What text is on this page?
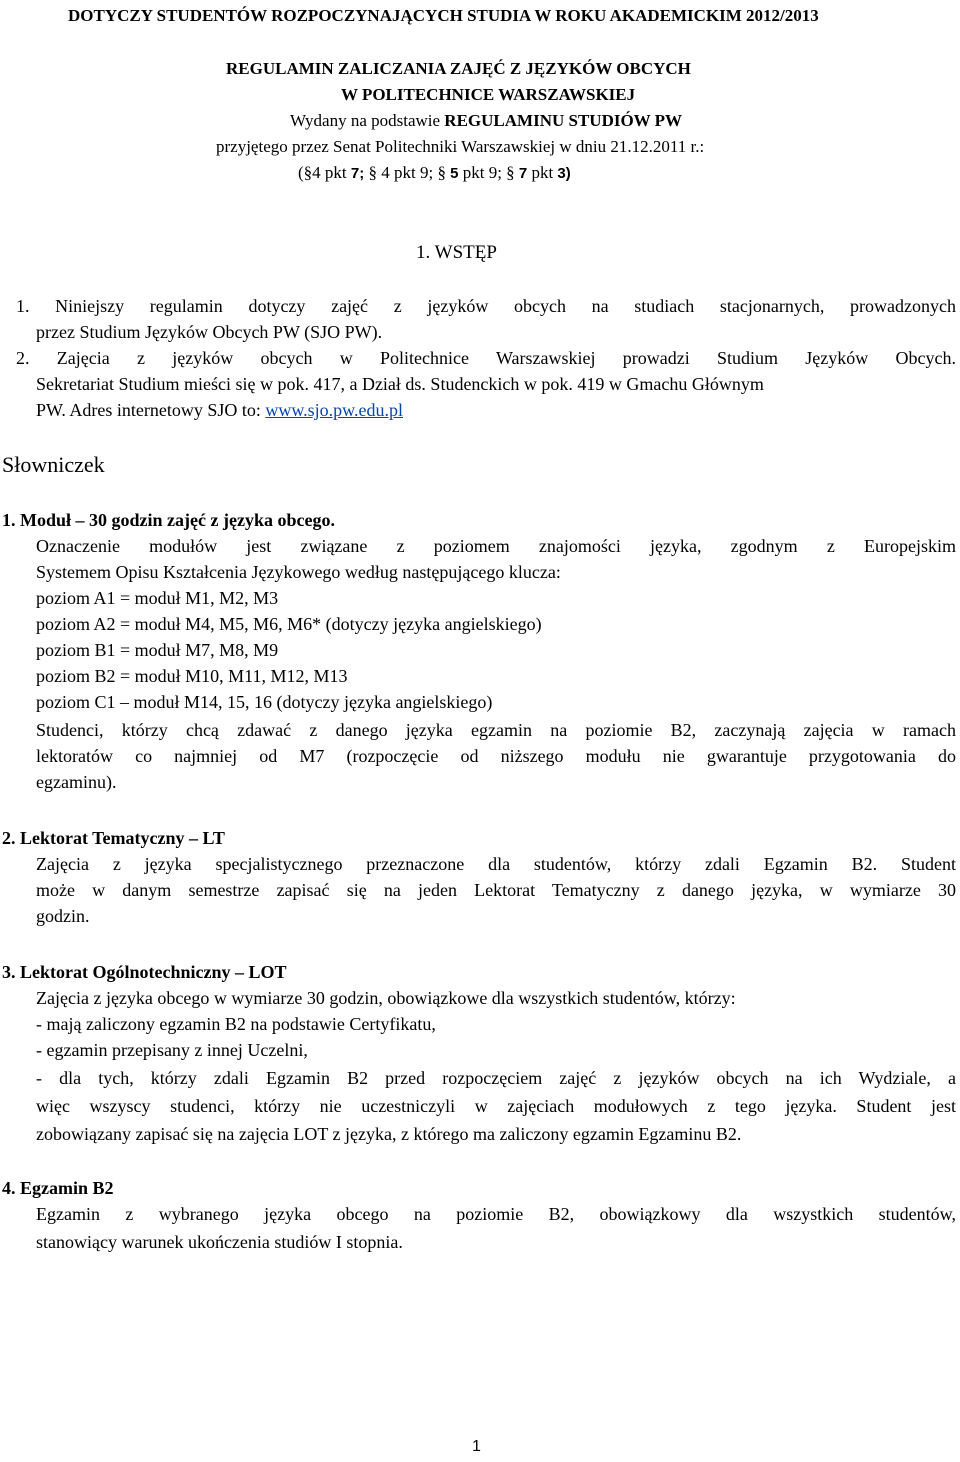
DOTYCZY STUDENTÓW ROZPOCZYNAJĄCYCH STUDIA W ROKU AKADEMICKIM 2012/2013
REGULAMIN ZALICZANIA ZAJĘĆ Z JĘZYKÓW OBCYCH
W POLITECHNICE WARSZAWSKIEJ
Wydany na podstawie REGULAMINU STUDIÓW PW
przyjętego przez Senat Politechniki Warszawskiej w dniu 21.12.2011 r.:
(§4 pkt 7; § 4 pkt 9; § 5 pkt 9; § 7 pkt 3)
1. WSTĘP
1. Niniejszy regulamin dotyczy zajęć z języków obcych na studiach stacjonarnych, prowadzonych
przez Studium Języków Obcych PW (SJO PW).
2. Zajęcia z języków obcych w Politechnice Warszawskiej prowadzi Studium Języków Obcych.
Sekretariat Studium mieści się w pok. 417, a Dział ds. Studenckich w pok. 419 w Gmachu Głównym
PW. Adres internetowy SJO to: www.sjo.pw.edu.pl
Słowniczek
1. Moduł – 30 godzin zajęć z języka obcego.
Oznaczenie modułów jest związane z poziomem znajomości języka, zgodnym z Europejskim
Systemem Opisu Kształcenia Językowego według następującego klucza:
poziom A1 = moduł M1, M2, M3
poziom A2 = moduł M4, M5, M6, M6* (dotyczy języka angielskiego)
poziom B1 = moduł M7, M8, M9
poziom B2 = moduł M10, M11, M12, M13
poziom C1 – moduł M14, 15, 16 (dotyczy języka angielskiego)
Studenci, którzy chcą zdawać z danego języka egzamin na poziomie B2, zaczynają zajęcia w ramach
lektoratów co najmniej od M7 (rozpoczęcie od niższego modułu nie gwarantuje przygotowania do
egzaminu).
2. Lektorat Tematyczny – LT
Zajęcia z języka specjalistycznego przeznaczone dla studentów, którzy zdali Egzamin B2. Student
może w danym semestrze zapisać się na jeden Lektorat Tematyczny z danego języka, w wymiarze 30
godzin.
3. Lektorat Ogólnotechniczny – LOT
Zajęcia z języka obcego w wymiarze 30 godzin, obowiązkowe dla wszystkich studentów, którzy:
- mają zaliczony egzamin B2 na podstawie Certyfikatu,
- egzamin przepisany z innej Uczelni,
- dla tych, którzy zdali Egzamin B2 przed rozpoczęciem zajęć z języków obcych na ich Wydziale, a
więc wszyscy studenci, którzy nie uczestniczyli w zajęciach modułowych z tego języka. Student jest
zobowiązany zapisać się na zajęcia LOT z języka, z którego ma zaliczony egzamin Egzaminu B2.
4. Egzamin B2
Egzamin z wybranego języka obcego na poziomie B2, obowiązkowy dla wszystkich studentów,
stanowiący warunek ukończenia studiów I stopnia.
1
